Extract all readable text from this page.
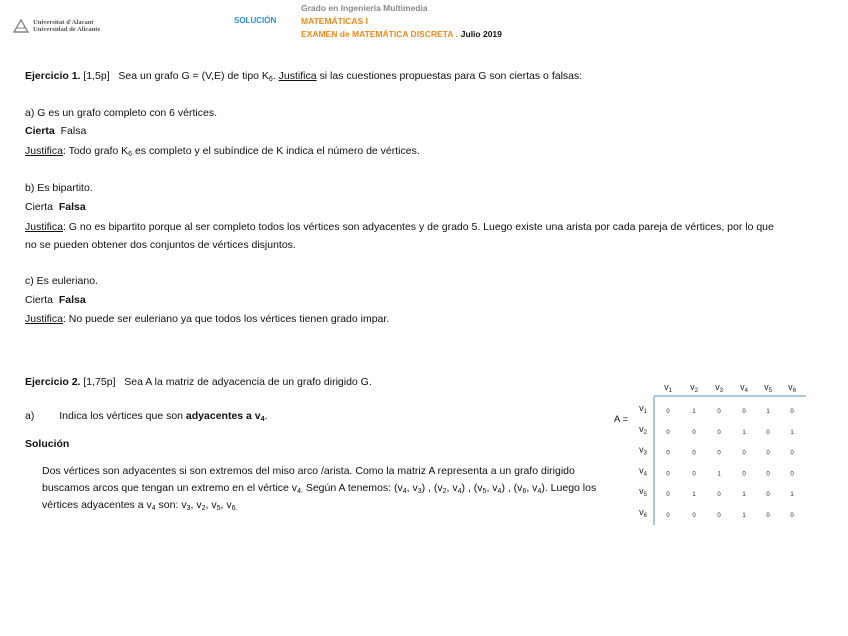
Universitat d'Alacant
Universidad de Alicante
SOLUCIÓN
Grado en Ingeniería Multimedia
MATEMÁTICAS I
EXAMEN de MATEMÁTICA DISCRETA . Julio 2019
Ejercicio 1. [1,5p] Sea un grafo G = (V,E) de tipo $K_6$. Justifica si las cuestiones propuestas para G son ciertas o falsas:
a) G es un grafo completo con 6 vértices.
Cierta Falsa
Justifica: Todo grafo $K_6$ es completo y el subíndice de K indica el número de vértices.
b) Es bipartito.
Cierta Falsa
Justifica: G no es bipartito porque al ser completo todos los vértices son adyacentes y de grado 5. Luego existe una arista por cada pareja de vértices, por lo que no se pueden obtener dos conjuntos de vértices disjuntos.
c) Es euleriano.
Cierta Falsa
Justifica: No puede ser euleriano ya que todos los vértices tienen grado impar.
Ejercicio 2. [1,75p] Sea A la matriz de adyacencia de un grafo dirigido G.
a) Indica los vértices que son adyacentes a $v_4$.
Solución
Dos vértices son adyacentes si son extremos del miso arco /arista. Como la matriz A representa a un grafo dirigido buscamos arcos que tengan un extremo en el vértice $v_{4.}$ Según A tenemos: ($v_4$, $v_3$) , ($v_2$, $v_4$) , ($v_5$, $v_4$) , ($v_6$, $v_4$). Luego los vértices adyacentes a $v_4$ son: $v_3$, $v_2$, $v_5$, $v_{6.}$
A =
$v_1$ $v_2$ $v_3$ $v_4$ $v_5$ $v_6$
$v_1$	$_0$	$_1$	$_0$	$_0$	$_1$	$_0$
$v_2$	$_0$	$_0$	$_0$	$_1$	$_0$	$_1$
$v_3$	$_0$	$_0$	$_0$	$_0$	$_0$	$_0$
$v_4$	$_0$	$_0$	$_1$	$_0$	$_0$	$_0$
$v_5$	$_0$	$_1$	$_0$	$_1$	$_0$	$_1$
$v_6$	$_0$	$_0$	$_0$	$_1$	$_0$	$_0$
